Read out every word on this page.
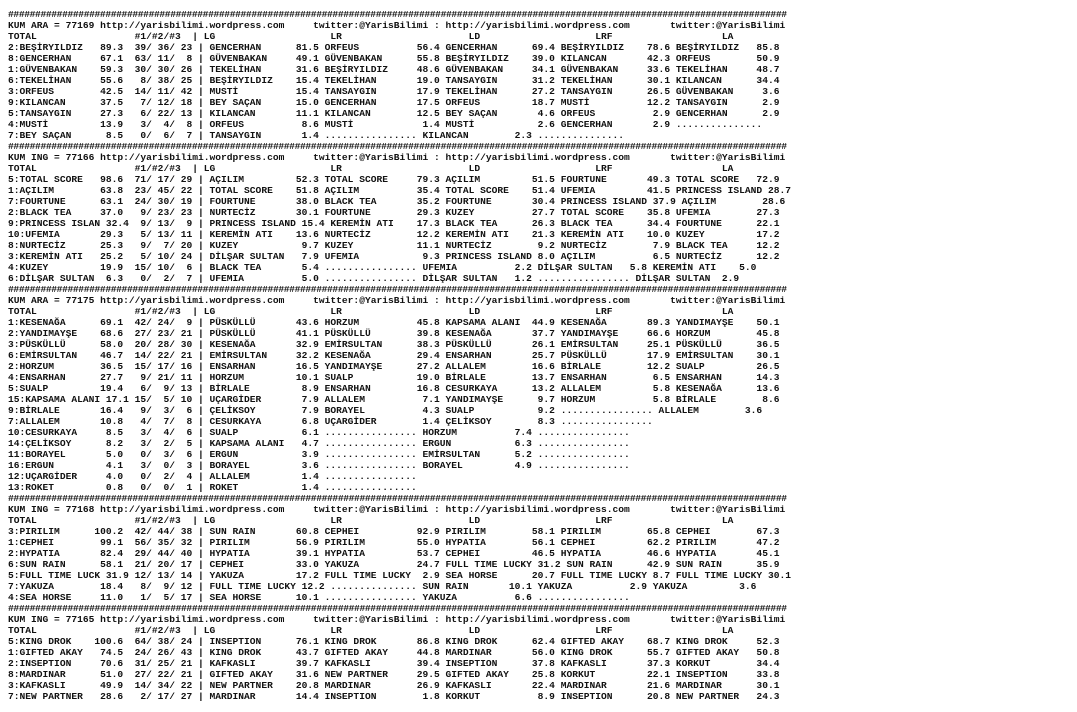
################################################################################################################################################
KUM ARA = 77169 http://yarisbilimi.wordpress.com     twitter:@YarisBilimi : http://yarisbilimi.wordpress.com       twitter:@YarisBilimi
TOTAL                 #1/#2/#3  | LG                    LR                      LD                    LRF                   LA
2:BEŞİRYILDIZ   89.3  39/ 36/ 23 | GENCERHAN      81.5 ORFEUS          56.4 GENCERHAN      69.4 BEŞİRYILDIZ    78.6 BEŞİRYILDIZ   85.8
8:GENCERHAN     67.1  63/ 11/  8 | GÜVENBAKAN     49.1 GÜVENBAKAN      55.8 BEŞİRYILDIZ    39.0 KILANCAN       42.3 ORFEUS        50.9
1:GÜVENBAKAN    59.3  30/ 30/ 26 | TEKELİHAN      31.6 BEŞİRYILDIZ     48.6 GÜVENBAKAN     34.1 GÜVENBAKAN     33.6 TEKELİHAN     48.7
6:TEKELİHAN     55.6   8/ 38/ 25 | BEŞİRYILDIZ    15.4 TEKELİHAN       19.0 TANSAYGIN      31.2 TEKELİHAN      30.1 KILANCAN      34.4
3:ORFEUS        42.5  14/ 11/ 42 | MUSTİ          15.4 TANSAYGIN       17.9 TEKELİHAN      27.2 TANSAYGIN      26.5 GÜVENBAKAN     3.6
9:KILANCAN      37.5   7/ 12/ 18 | BEY SAÇAN      15.0 GENCERHAN       17.5 ORFEUS         18.7 MUSTİ          12.2 TANSAYGIN      2.9
5:TANSAYGIN     27.3   6/ 22/ 13 | KILANCAN       11.1 KILANCAN        12.5 BEY SAÇAN       4.6 ORFEUS          2.9 GENCERHAN      2.9
4:MUSTİ         13.9   3/  4/  8 | ORFEUS          8.6 MUSTİ            1.4 MUSTİ           2.6 GENCERHAN       2.9 ...............
7:BEY SAÇAN      8.5   0/  6/  7 | TANSAYGIN       1.4 ................ KILANCAN        2.3 ...............
################################################################################################################################################
KUM ING = 77166 http://yarisbilimi.wordpress.com     twitter:@YarisBilimi : http://yarisbilimi.wordpress.com       twitter:@YarisBilimi
TOTAL                 #1/#2/#3  | LG                    LR                      LD                    LRF                   LA
5:TOTAL SCORE   98.6  71/ 17/ 29 | AÇILIM         52.3 TOTAL SCORE     79.3 AÇILIM         51.5 FOURTUNE       49.3 TOTAL SCORE   72.9
1:AÇILIM        63.8  23/ 45/ 22 | TOTAL SCORE    51.8 AÇILIM          35.4 TOTAL SCORE    51.4 UFEMIA         41.5 PRINCESS ISLAND 28.7
7:FOURTUNE      63.1  24/ 30/ 19 | FOURTUNE       38.0 BLACK TEA       35.2 FOURTUNE       30.4 PRINCESS ISLAND 37.9 AÇILIM        28.6
2:BLACK TEA     37.0   9/ 23/ 23 | NURTECİZ       30.1 FOURTUNE        29.3 KUZEY          27.7 TOTAL SCORE    35.8 UFEMIA        27.3
9:PRINCESS ISLAN 32.4  9/ 13/  9 | PRINCESS ISLAND 15.4 KEREMİN ATI    17.3 BLACK TEA      26.3 BLACK TEA      34.4 FOURTUNE      22.1
10:UFEMIA       29.3   5/ 13/ 11 | KEREMİN ATI    13.6 NURTECİZ        12.2 KEREMİN ATI    21.3 KEREMİN ATI    10.0 KUZEY         17.2
8:NURTECİZ      25.3   9/  7/ 20 | KUZEY           9.7 KUZEY           11.1 NURTECİZ        9.2 NURTECİZ        7.9 BLACK TEA     12.2
3:KEREMİN ATI   25.2   5/ 10/ 24 | DİLŞAR SULTAN   7.9 UFEMIA           9.3 PRINCESS ISLAND 8.0 AÇILIM          6.5 NURTECİZ      12.2
4:KUZEY         19.9  15/ 10/  6 | BLACK TEA       5.4 ................ UFEMIA          2.2 DİLŞAR SULTAN   5.8 KEREMİN ATI    5.0
6:DİLŞAR SULTAN  6.3   0/  2/  7 | UFEMIA          5.0 ................ DİLŞAR SULTAN   1.2 ................ DİLŞAR SULTAN  2.9
################################################################################################################################################
KUM ARA = 77175 http://yarisbilimi.wordpress.com     twitter:@YarisBilimi : http://yarisbilimi.wordpress.com       twitter:@YarisBilimi
TOTAL                 #1/#2/#3  | LG                    LR                      LD                    LRF                   LA
1:KESENAĞA      69.1  42/ 24/  9 | PÜSKÜLLÜ       43.6 HORZUM          45.8 KAPSAMA ALANI  44.9 KESENAĞA       89.3 YANDIMAYŞE    50.1
2:YANDIMAYŞE    68.6  27/ 23/ 21 | PÜSKÜLLÜ       41.1 PÜSKÜLLÜ        39.8 KESENAĞA       37.7 YANDIMAYŞE     66.6 HORZUM        45.8
3:PÜSKÜLLÜ      58.0  20/ 28/ 30 | KESENAĞA       32.9 EMİRSULTAN      38.3 PÜSKÜLLÜ       26.1 EMİRSULTAN     25.1 PÜSKÜLLÜ      36.5
6:EMİRSULTAN    46.7  14/ 22/ 21 | EMİRSULTAN     32.2 KESENAĞA        29.4 ENSARHAN       25.7 PÜSKÜLLÜ       17.9 EMİRSULTAN    30.1
2:HORZUM        36.5  15/ 17/ 16 | ENSARHAN       16.5 YANDIMAYŞE      27.2 ALLALEM        16.6 BİRLALE        12.2 SUALP         26.5
4:ENSARHAN      27.7   9/ 21/ 11 | HORZUM         10.1 SUALP           19.0 BİRLALE        13.7 ENSARHAN        6.5 ENSARHAN      14.3
5:SUALP         19.4   6/  9/ 13 | BİRLALE         8.9 ENSARHAN        16.8 CESURKAYA      13.2 ALLALEM         5.8 KESENAĞA      13.6
15:KAPSAMA ALANI 17.1 15/  5/ 10 | UÇARGİDER       7.9 ALLALEM          7.1 YANDIMAYŞE      9.7 HORZUM          5.8 BİRLALE        8.6
9:BİRLALE       16.4   9/  3/  6 | ÇELİKSOY        7.9 BORAYEL          4.3 SUALP           9.2 ................ ALLALEM        3.6
7:ALLALEM       10.8   4/  7/  8 | CESURKAYA       6.8 UÇARGİDER        1.4 ÇELİKSOY        8.3 ................
10:CESURKAYA     8.5   3/  4/  6 | SUALP           6.1 ................ HORZUM          7.4 ................
14:ÇELİKSOY      8.2   3/  2/  5 | KAPSAMA ALANI   4.7 ................ ERGUN           6.3 ................
11:BORAYEL       5.0   0/  3/  6 | ERGUN           3.9 ................ EMİRSULTAN      5.2 ................
16:ERGUN         4.1   3/  0/  3 | BORAYEL         3.6 ................ BORAYEL         4.9 ................
12:UÇARGİDER     4.0   0/  2/  4 | ALLALEM         1.4 ................
13:ROKET         0.8   0/  0/  1 | ROKET           1.4 ................
################################################################################################################################################
KUM ING = 77168 http://yarisbilimi.wordpress.com     twitter:@YarisBilimi : http://yarisbilimi.wordpress.com       twitter:@YarisBilimi
TOTAL                 #1/#2/#3  | LG                    LR                      LD                    LRF                   LA
3:PIRILIM      100.2  42/ 44/ 38 | SUN RAIN       60.8 CEPHEI          92.9 PIRILIM        58.1 PIRILIM        65.8 CEPHEI        67.3
1:CEPHEI        99.1  56/ 35/ 32 | PIRILIM        56.9 PIRILIM         55.0 HYPATIA        56.1 CEPHEI         62.2 PIRILIM       47.2
2:HYPATIA       82.4  29/ 44/ 40 | HYPATIA        39.1 HYPATIA         53.7 CEPHEI         46.5 HYPATIA        46.6 HYPATIA       45.1
6:SUN RAIN      58.1  21/ 20/ 17 | CEPHEI         33.0 YAKUZA          24.7 FULL TIME LUCKY 31.2 SUN RAIN      42.9 SUN RAIN      35.9
5:FULL TIME LUCK 31.9 12/ 13/ 14 | YAKUZA         17.2 FULL TIME LUCKY  2.9 SEA HORSE      20.7 FULL TIME LUCKY 8.7 FULL TIME LUCKY 30.1
7:YAKUZA        18.4   8/  9/ 12 | FULL TIME LUCKY 12.2 ............... SUN RAIN       10.1 YAKUZA          2.9 YAKUZA         3.6
4:SEA HORSE     11.0   1/  5/ 17 | SEA HORSE      10.1 ................ YAKUZA          6.6 ................
################################################################################################################################################
KUM ING = 77165 http://yarisbilimi.wordpress.com     twitter:@YarisBilimi : http://yarisbilimi.wordpress.com       twitter:@YarisBilimi
TOTAL                 #1/#2/#3  | LG                    LR                      LD                    LRF                   LA
5:KING DROK    100.6  64/ 38/ 24 | INSEPTION      76.1 KING DROK       86.8 KING DROK      62.4 GIFTED AKAY    68.7 KING DROK     52.3
1:GIFTED AKAY   74.5  24/ 26/ 43 | KING DROK      43.7 GIFTED AKAY     44.8 MARDINAR       56.0 KING DROK      55.7 GIFTED AKAY   50.8
2:INSEPTION     70.6  31/ 25/ 21 | KAFKASLI       39.7 KAFKASLI        39.4 INSEPTION      37.8 KAFKASLI       37.3 KORKUT        34.4
8:MARDINAR      51.0  27/ 22/ 21 | GIFTED AKAY    31.6 NEW PARTNER     29.5 GIFTED AKAY    25.8 KORKUT         22.1 INSEPTION     33.8
3:KAFKASLI      49.9  14/ 34/ 22 | NEW PARTNER    20.8 MARDINAR        26.9 KAFKASLI       22.4 MARDINAR       21.6 MARDINAR      30.1
7:NEW PARTNER   28.6   2/ 17/ 27 | MARDINAR       14.4 INSEPTION        1.8 KORKUT          8.9 INSEPTION      20.8 NEW PARTNER   24.3
